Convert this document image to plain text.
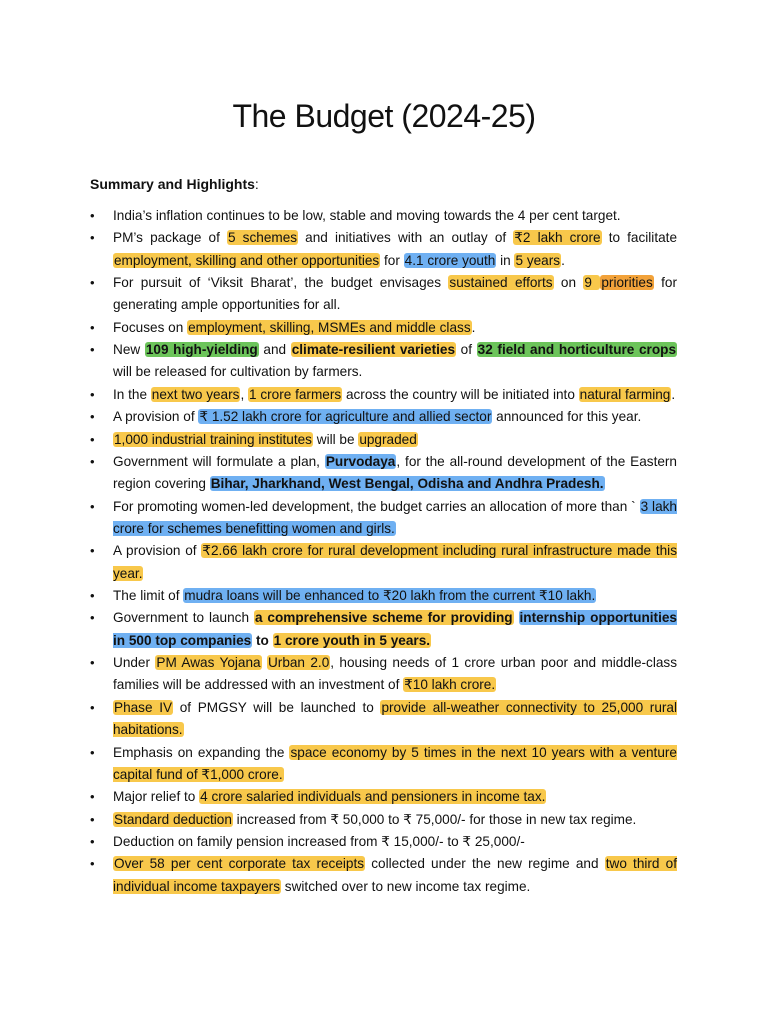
The Budget (2024-25)

Summary and Highlights:

• India’s inflation continues to be low, stable and moving towards the 4 per cent target.
• PM’s package of 5 schemes and initiatives with an outlay of ₹2 lakh crore to facilitate employment, skilling and other opportunities for 4.1 crore youth in 5 years.
• For pursuit of ‘Viksit Bharat’, the budget envisages sustained efforts on 9 priorities for generating ample opportunities for all.
• Focuses on employment, skilling, MSMEs and middle class.
• New 109 high-yielding and climate-resilient varieties of 32 field and horticulture crops will be released for cultivation by farmers.
• In the next two years, 1 crore farmers across the country will be initiated into natural farming.
• A provision of ₹ 1.52 lakh crore for agriculture and allied sector announced for this year.
• 1,000 industrial training institutes will be upgraded
• Government will formulate a plan, Purvodaya, for the all-round development of the Eastern region covering Bihar, Jharkhand, West Bengal, Odisha and Andhra Pradesh.
• For promoting women-led development, the budget carries an allocation of more than ` 3 lakh crore for schemes benefitting women and girls.
• A provision of ₹2.66 lakh crore for rural development including rural infrastructure made this year.
• The limit of mudra loans will be enhanced to ₹20 lakh from the current ₹10 lakh.
• Government to launch a comprehensive scheme for providing internship opportunities in 500 top companies to 1 crore youth in 5 years.
• Under PM Awas Yojana Urban 2.0, housing needs of 1 crore urban poor and middle-class families will be addressed with an investment of ₹10 lakh crore.
• Phase IV of PMGSY will be launched to provide all-weather connectivity to 25,000 rural habitations.
• Emphasis on expanding the space economy by 5 times in the next 10 years with a venture capital fund of ₹1,000 crore.
• Major relief to 4 crore salaried individuals and pensioners in income tax.
• Standard deduction increased from ₹ 50,000 to ₹ 75,000/- for those in new tax regime.
• Deduction on family pension increased from ₹ 15,000/- to ₹ 25,000/-
• Over 58 per cent corporate tax receipts collected under the new regime and two third of individual income taxpayers switched over to new income tax regime.
